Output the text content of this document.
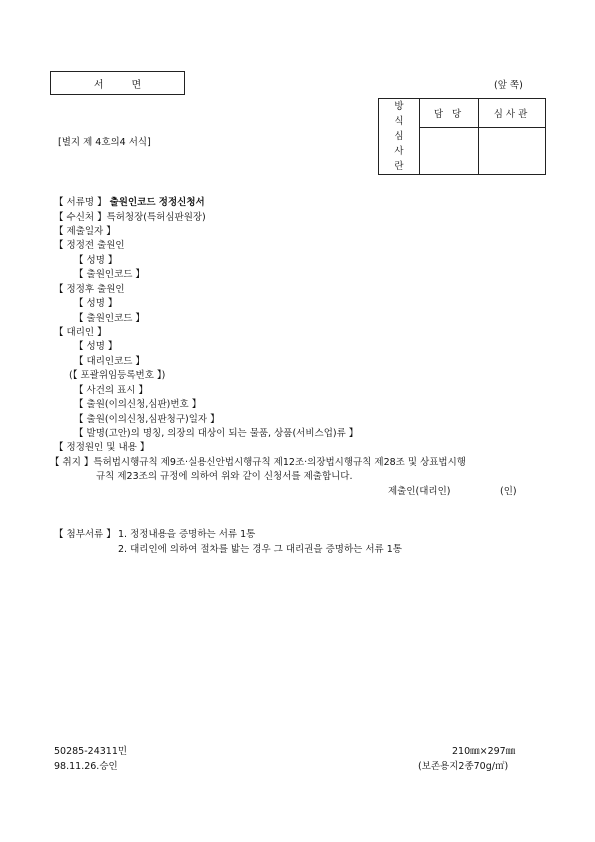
서면	(앞 쪽)
[별지 제 4호의4 서식]
방
식
심
사
란	담 당	심사관

【 서류명 】 출원인코드 정정신청서
【 수신처 】특허청장(특허심판원장)
【 제출일자 】
【 정정전 출원인
【 성명 】
【 출원인코드 】
【 정정후 출원인
【 성명 】
【 출원인코드 】
【 대리인 】
【 성명 】
【 대리인코드 】
(【 포괄위임등록번호 】)
【 사건의 표시 】
【 출원(이의신청,심판)번호 】
【 출원(이의신청,심판청구)일자 】
【 발명(고안)의 명칭, 의장의 대상이 되는 물품, 상품(서비스업)류 】
【 정정원인 및 내용 】
【 취지 】특허법시행규칙 제9조·실용신안법시행규칙 제12조·의장법시행규칙 제28조 및 상표법시행
규칙 제23조의 규정에 의하여 위와 같이 신청서를 제출합니다.
제출인(대리인)	(인)
【 첨부서류 】 1. 정정내용을 증명하는 서류 1통
2. 대리인에 의하여 절차를 밟는 경우 그 대리권을 증명하는 서류 1통
50285-24311민
98.11.26.승인
210㎜×297㎜
(보존용지2종70g/㎡)
